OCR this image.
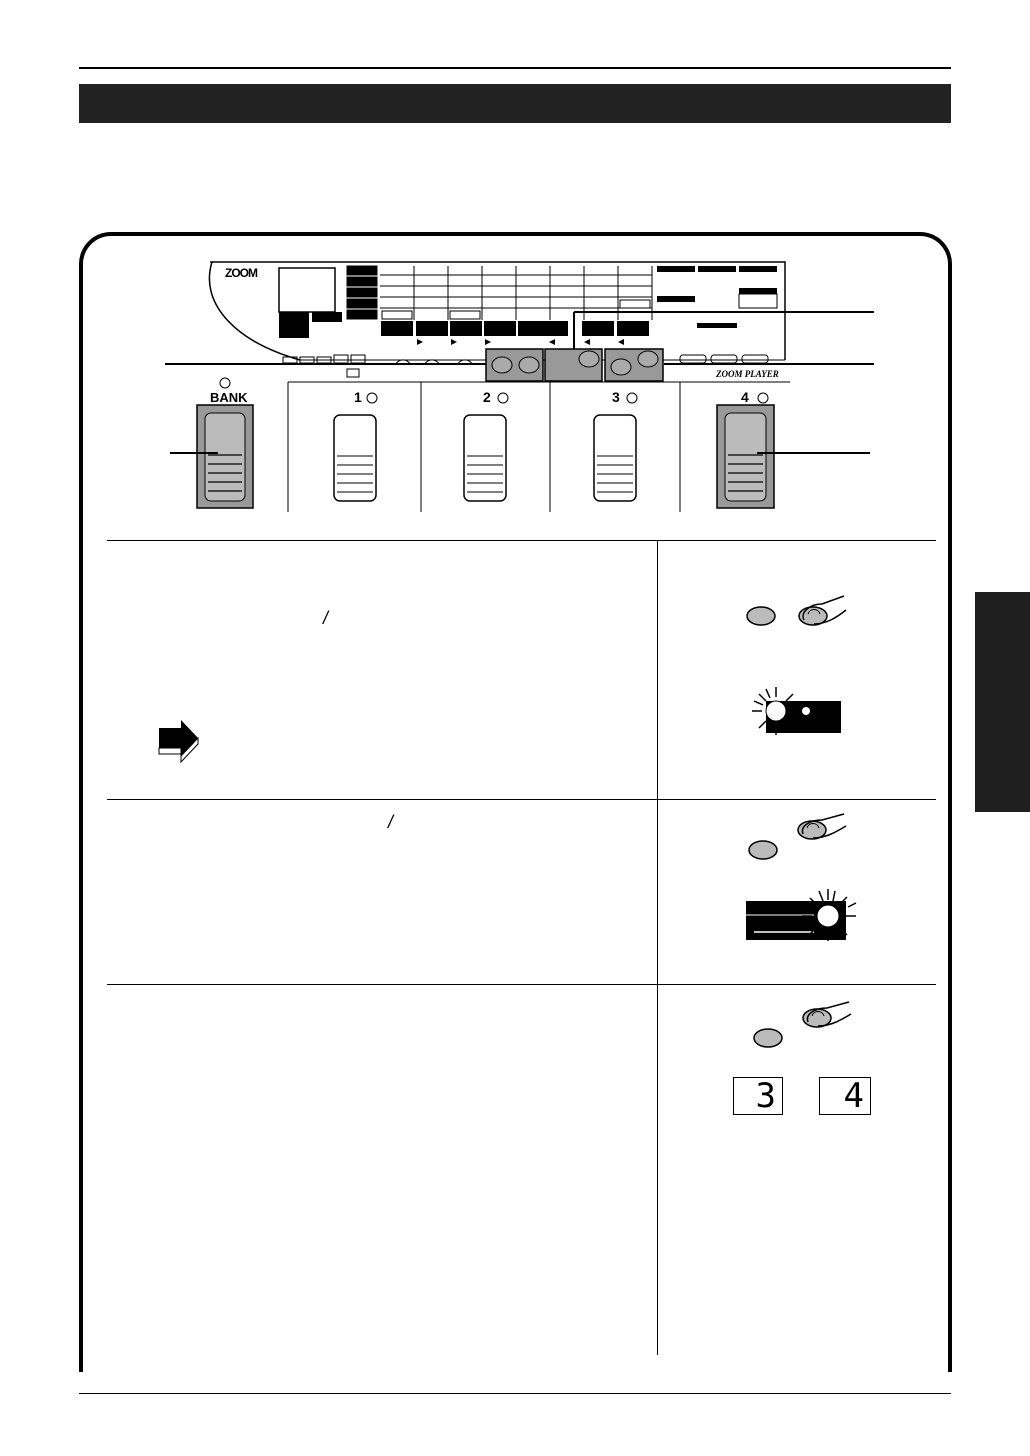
ZOOM
ZOOM PLAYER
BANK	1	2	3	4
/
/
3 4
